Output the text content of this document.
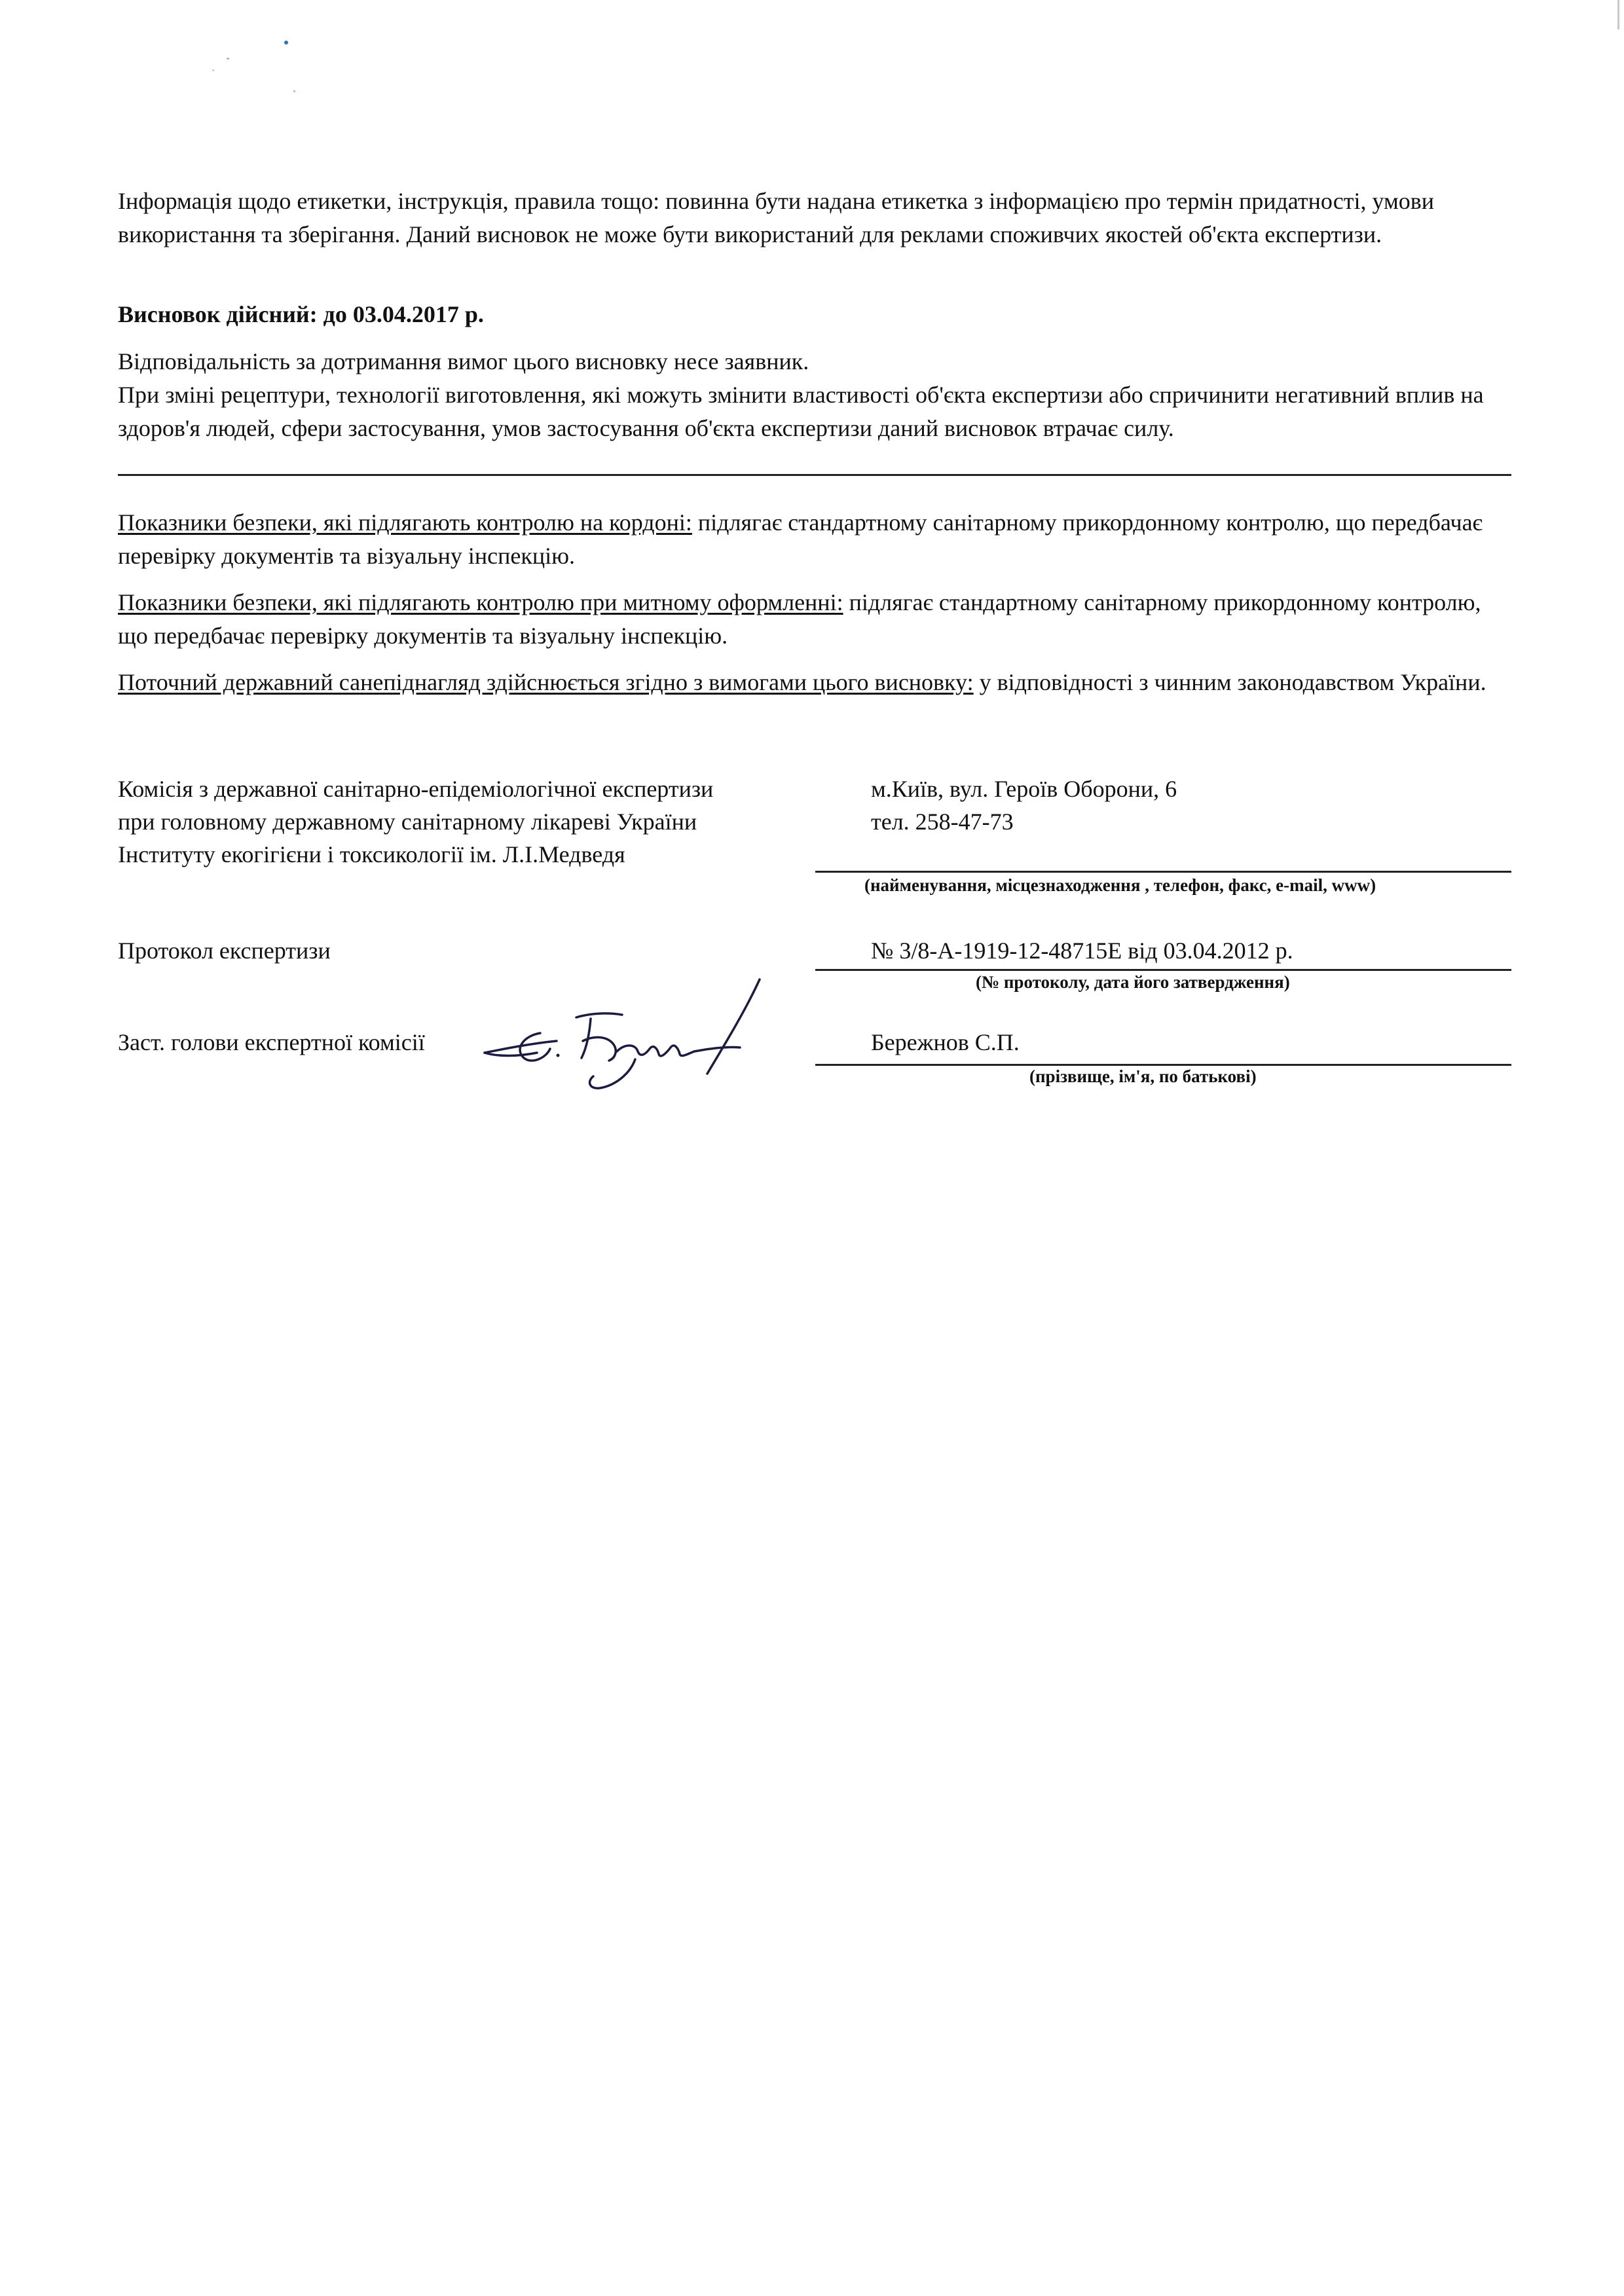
Інформація щодо етикетки, інструкція, правила тощо: повинна бути надана етикетка з інформацією про термін придатності, умови використання та зберігання. Даний висновок не може бути використаний для реклами споживчих якостей об'єкта експертизи.
Висновок дійсний: до 03.04.2017 р.
Відповідальність за дотримання вимог цього висновку несе заявник.
При зміні рецептури, технології виготовлення, які можуть змінити властивості об'єкта експертизи або спричинити негативний вплив на здоров'я людей, сфери застосування, умов застосування об'єкта експертизи даний висновок втрачає силу.
Показники безпеки, які підлягають контролю на кордоні: підлягає стандартному санітарному прикордонному контролю, що передбачає перевірку документів та візуальну інспекцію.
Показники безпеки, які підлягають контролю при митному оформленні: підлягає стандартному санітарному прикордонному контролю, що передбачає перевірку документів та візуальну інспекцію.
Поточний державний санепіднагляд здійснюється згідно з вимогами цього висновку: у відповідності з чинним законодавством України.
Комісія з державної санітарно-епідеміологічної експертизи
при головному державному санітарному лікареві України
Інституту екогігієни і токсикології ім. Л.І.Медведя
м.Київ, вул. Героїв Оборони, 6
тел. 258-47-73
(найменування, місцезнаходження , телефон, факс, e-mail, www)
Протокол експертизи	№ 3/8-А-1919-12-48715Е від 03.04.2012 р.
(№ протоколу, дата його затвердження)
Заст. голови експертної комісії	Бережнов С.П.
(прізвище, ім'я, по батькові)
